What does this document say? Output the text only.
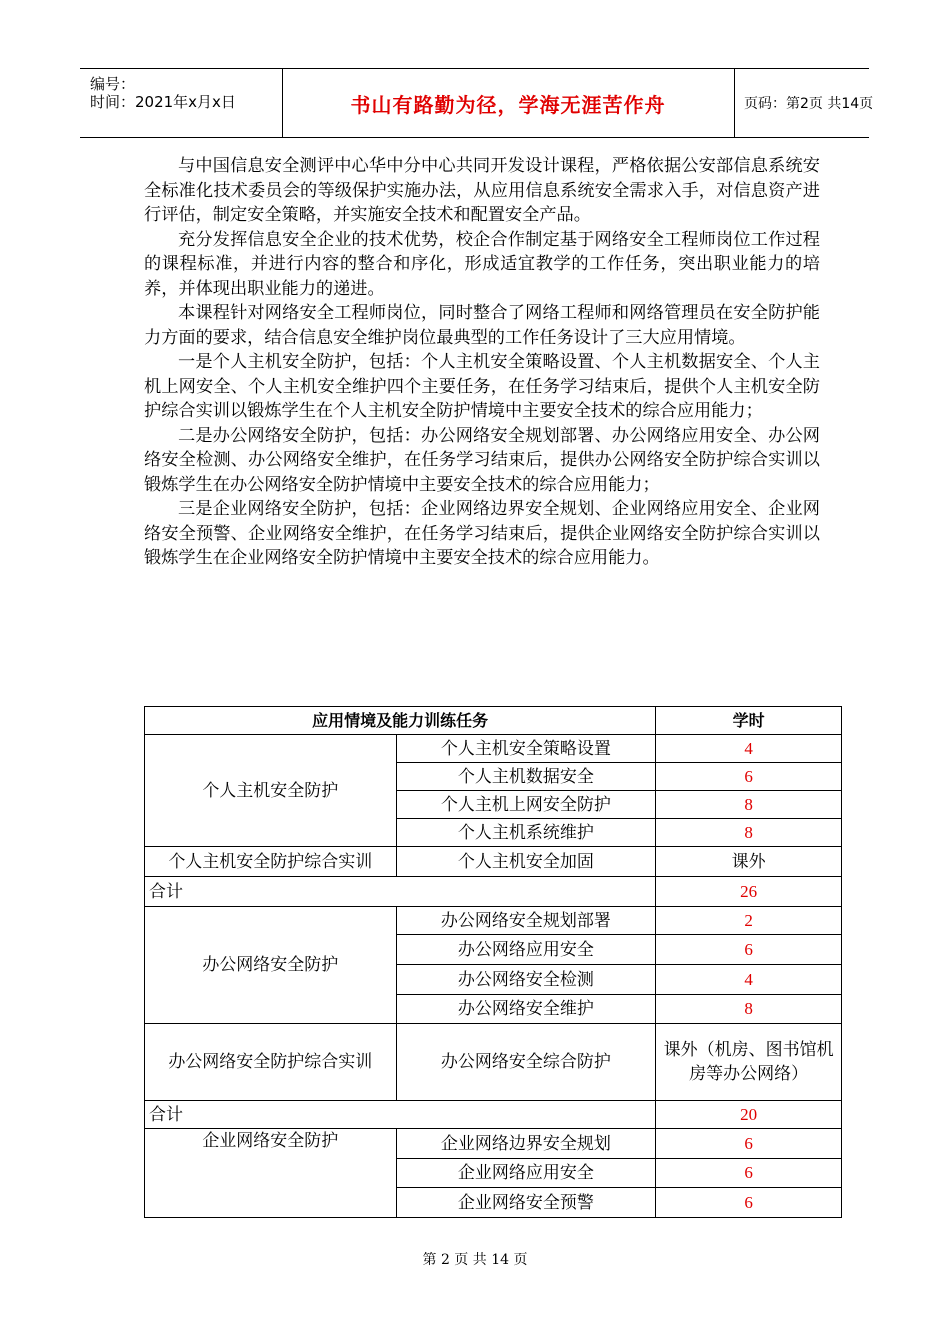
编号：
时间：2021年x月x日	书山有路勤为径，学海无涯苦作舟	页码：第2页 共14页

与中国信息安全测评中心华中分中心共同开发设计课程，严格依据公安部信息系统安全标准化技术委员会的等级保护实施办法，从应用信息系统安全需求入手，对信息资产进行评估，制定安全策略，并实施安全技术和配置安全产品。

充分发挥信息安全企业的技术优势，校企合作制定基于网络安全工程师岗位工作过程的课程标准，并进行内容的整合和序化，形成适宜教学的工作任务，突出职业能力的培养，并体现出职业能力的递进。

本课程针对网络安全工程师岗位，同时整合了网络工程师和网络管理员在安全防护能力方面的要求，结合信息安全维护岗位最典型的工作任务设计了三大应用情境。

一是个人主机安全防护，包括：个人主机安全策略设置、个人主机数据安全、个人主机上网安全、个人主机安全维护四个主要任务，在任务学习结束后，提供个人主机安全防护综合实训以锻炼学生在个人主机安全防护情境中主要安全技术的综合应用能力；

二是办公网络安全防护，包括：办公网络安全规划部署、办公网络应用安全、办公网络安全检测、办公网络安全维护，在任务学习结束后，提供办公网络安全防护综合实训以锻炼学生在办公网络安全防护情境中主要安全技术的综合应用能力；

三是企业网络安全防护，包括：企业网络边界安全规划、企业网络应用安全、企业网络安全预警、企业网络安全维护，在任务学习结束后，提供企业网络安全防护综合实训以锻炼学生在企业网络安全防护情境中主要安全技术的综合应用能力。

应用情境及能力训练任务		学时
个人主机安全防护	个人主机安全策略设置	4
	个人主机数据安全	6
	个人主机上网安全防护	8
	个人主机系统维护	8
个人主机安全防护综合实训	个人主机安全加固	课外
合计		26
办公网络安全防护	办公网络安全规划部署	2
	办公网络应用安全	6
	办公网络安全检测	4
	办公网络安全维护	8
办公网络安全防护综合实训	办公网络安全综合防护	课外（机房、图书馆机房等办公网络）
合计		20
企业网络安全防护	企业网络边界安全规划	6
	企业网络应用安全	6
	企业网络安全预警	6
第 2 页 共 14 页
